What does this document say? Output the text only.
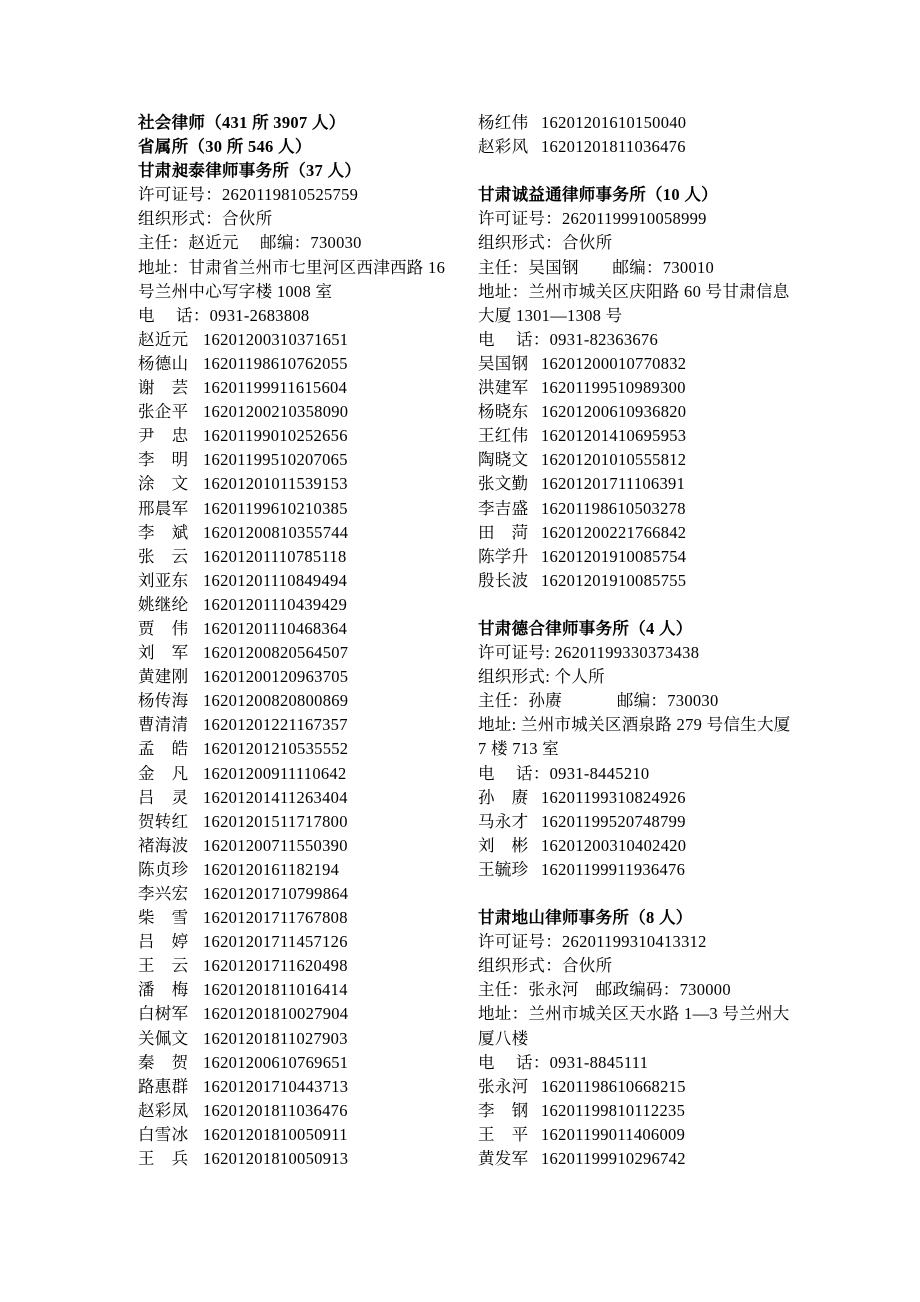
社会律师（431 所 3907 人）
省属所（30 所 546 人）
甘肃昶泰律师事务所（37 人）
许可证号：2620119810525759
组织形式：合伙所
主任：赵近元　 邮编：730030
地址：甘肃省兰州市七里河区西津西路 16
号兰州中心写字楼 1008 室
电　 话：0931-2683808
赵近元 16201200310371651
杨德山 16201198610762055
谢　芸 16201199911615604
张企平 16201200210358090
尹　忠 16201199010252656
李　明 16201199510207065
涂　文 16201201011539153
邢晨军 16201199610210385
李　斌 16201200810355744
张　云 16201201110785118
刘亚东 16201201110849494
姚继纶 16201201110439429
贾　伟 16201201110468364
刘　军 16201200820564507
黄建刚 16201200120963705
杨传海 16201200820800869
曹清清 16201201221167357
孟　皓 16201201210535552
金　凡 16201200911110642
吕　灵 16201201411263404
贺转红 16201201511717800
褚海波 16201200711550390
陈贞珍 1620120161182194
李兴宏 16201201710799864
柴　雪 16201201711767808
吕　婷 16201201711457126
王　云 16201201711620498
潘　梅 16201201811016414
白树军 16201201810027904
关佩文 16201201811027903
秦　贺 16201200610769651
路惠群 16201201710443713
赵彩凤 16201201811036476
白雪冰 16201201810050911
王　兵 16201201810050913
杨红伟 16201201610150040
赵彩风 16201201811036476
甘肃诚益通律师事务所（10 人）
许可证号：26201199910058999
组织形式：合伙所
主任：吴国钢　　邮编：730010
地址：兰州市城关区庆阳路 60 号甘肃信息
大厦 1301—1308 号
电　 话：0931-82363676
吴国钢 16201200010770832
洪建军 16201199510989300
杨晓东 16201200610936820
王红伟 16201201410695953
陶晓文 16201201010555812
张文勤 16201201711106391
李吉盛 16201198610503278
田　菏 16201200221766842
陈学升 16201201910085754
殷长波 16201201910085755
甘肃德合律师事务所（4 人）
许可证号: 26201199330373438
组织形式: 个人所
主任：孙赓　　　 邮编：730030
地址: 兰州市城关区酒泉路 279 号信生大厦
7 楼 713 室
电　 话：0931-8445210
孙　赓 16201199310824926
马永才 16201199520748799
刘　彬 16201200310402420
王毓珍 16201199911936476
甘肃地山律师事务所（8 人）
许可证号：26201199310413312
组织形式：合伙所
主任：张永河　邮政编码：730000
地址：兰州市城关区天水路 1—3 号兰州大
厦八楼
电　 话：0931-8845111
张永河 16201198610668215
李　钢 16201199810112235
王　平 16201199011406009
黄发军 16201199910296742
